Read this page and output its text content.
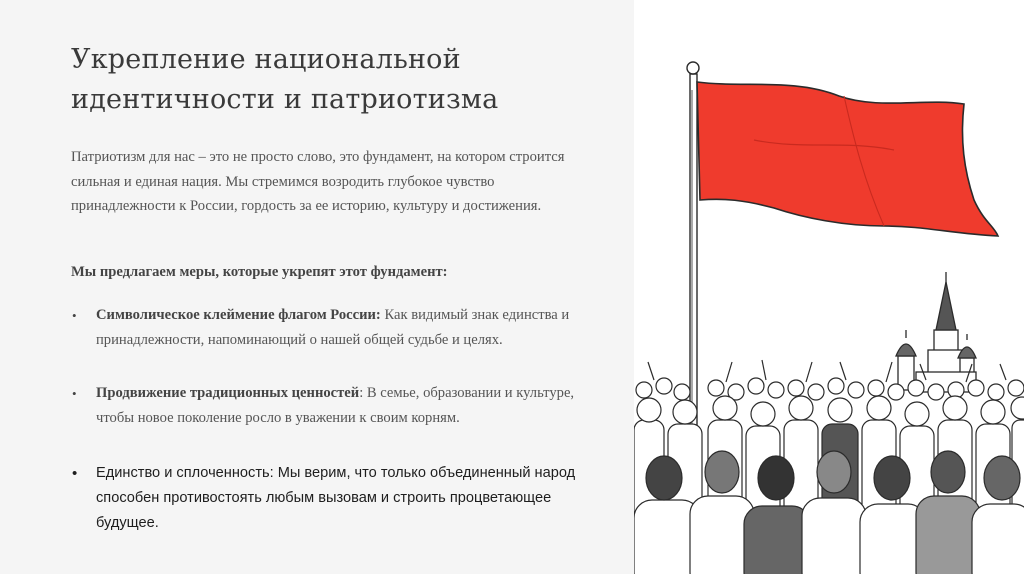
Укрепление национальной идентичности и патриотизма
Патриотизм для нас – это не просто слово, это фундамент, на котором строится сильная и единая нация. Мы стремимся возродить глубокое чувство принадлежности к России, гордость за ее историю, культуру и достижения.
Мы предлагаем меры, которые укрепят этот фундамент:
•	Символическое клеймение флагом России: Как видимый знак единства и принадлежности, напоминающий о нашей общей судьбе и целях.
•	Продвижение традиционных ценностей: В семье, образовании и культуре, чтобы новое поколение росло в уважении к своим корням.
• Единство и сплоченность: Мы верим, что только объединенный народ способен противостоять любым вызовам и строить процветающее будущее.
